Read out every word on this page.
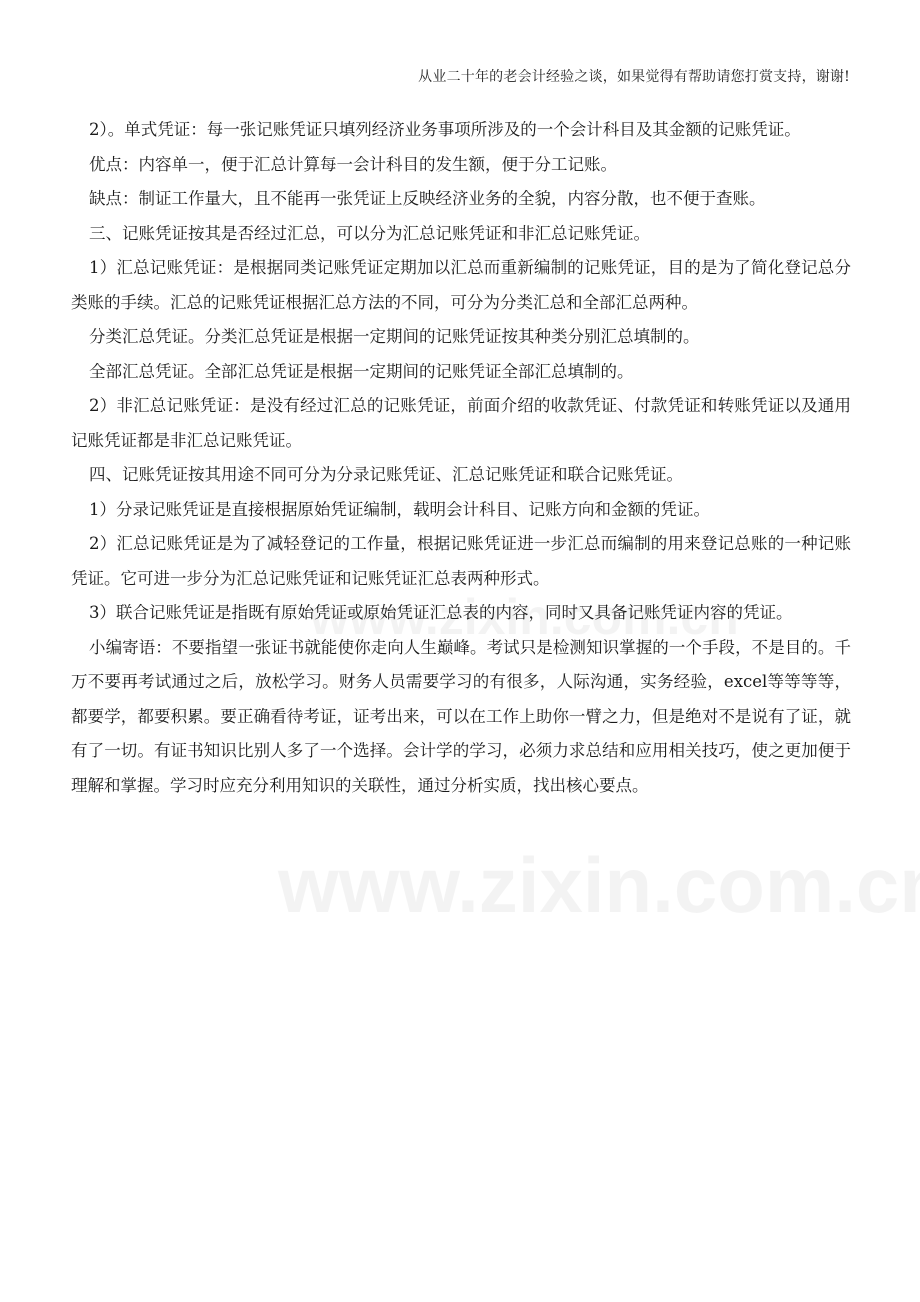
从业二十年的老会计经验之谈，如果觉得有帮助请您打赏支持，谢谢!

2）。单式凭证：每一张记账凭证只填列经济业务事项所涉及的一个会计科目及其金额的记账凭证。

优点：内容单一，便于汇总计算每一会计科目的发生额，便于分工记账。

缺点：制证工作量大，且不能再一张凭证上反映经济业务的全貌，内容分散，也不便于查账。

三、记账凭证按其是否经过汇总，可以分为汇总记账凭证和非汇总记账凭证。

1）汇总记账凭证：是根据同类记账凭证定期加以汇总而重新编制的记账凭证，目的是为了简化登记总分类账的手续。汇总的记账凭证根据汇总方法的不同，可分为分类汇总和全部汇总两种。

分类汇总凭证。分类汇总凭证是根据一定期间的记账凭证按其种类分别汇总填制的。

全部汇总凭证。全部汇总凭证是根据一定期间的记账凭证全部汇总填制的。

2）非汇总记账凭证：是没有经过汇总的记账凭证，前面介绍的收款凭证、付款凭证和转账凭证以及通用记账凭证都是非汇总记账凭证。

四、记账凭证按其用途不同可分为分录记账凭证、汇总记账凭证和联合记账凭证。

1）分录记账凭证是直接根据原始凭证编制，载明会计科目、记账方向和金额的凭证。

2）汇总记账凭证是为了减轻登记的工作量，根据记账凭证进一步汇总而编制的用来登记总账的一种记账凭证。它可进一步分为汇总记账凭证和记账凭证汇总表两种形式。

3）联合记账凭证是指既有原始凭证或原始凭证汇总表的内容，同时又具备记账凭证内容的凭证。

小编寄语：不要指望一张证书就能使你走向人生巅峰。考试只是检测知识掌握的一个手段，不是目的。千万不要再考试通过之后，放松学习。财务人员需要学习的有很多，人际沟通，实务经验，excel等等等等，都要学，都要积累。要正确看待考证，证考出来，可以在工作上助你一臂之力，但是绝对不是说有了证，就有了一切。有证书知识比别人多了一个选择。会计学的学习，必须力求总结和应用相关技巧，使之更加便于理解和掌握。学习时应充分利用知识的关联性，通过分析实质，找出核心要点。
